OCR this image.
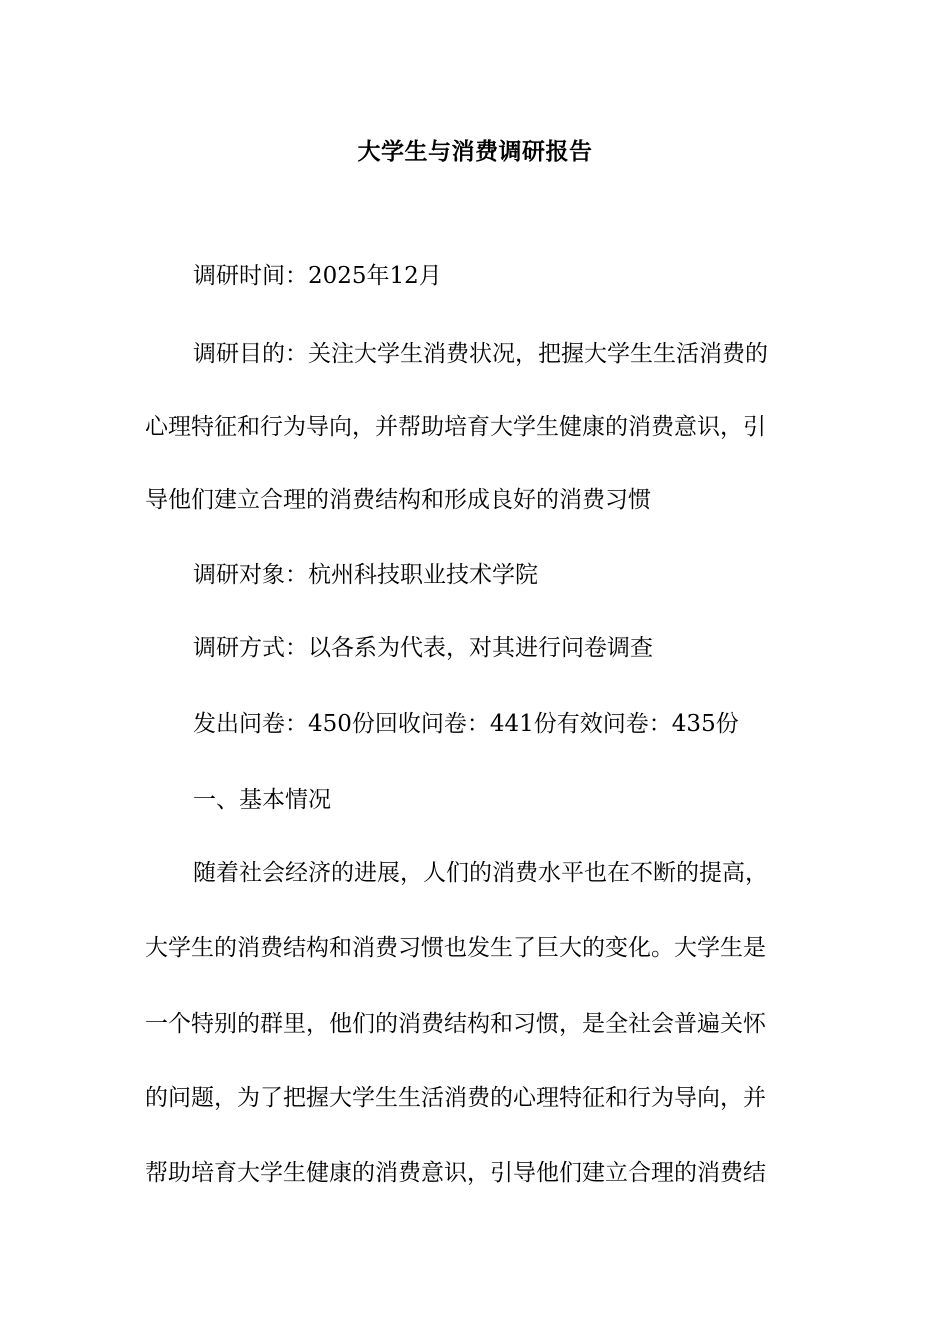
大学生与消费调研报告
调研时间：2025年12月
调研目的：关注大学生消费状况，把握大学生生活消费的
心理特征和行为导向，并帮助培育大学生健康的消费意识，引
导他们建立合理的消费结构和形成良好的消费习惯
调研对象：杭州科技职业技术学院
调研方式：以各系为代表，对其进行问卷调查
发出问卷：450份回收问卷：441份有效问卷：435份
一、基本情况
随着社会经济的进展，人们的消费水平也在不断的提高，
大学生的消费结构和消费习惯也发生了巨大的变化。大学生是
一个特别的群里，他们的消费结构和习惯，是全社会普遍关怀
的问题，为了把握大学生生活消费的心理特征和行为导向，并
帮助培育大学生健康的消费意识，引导他们建立合理的消费结
